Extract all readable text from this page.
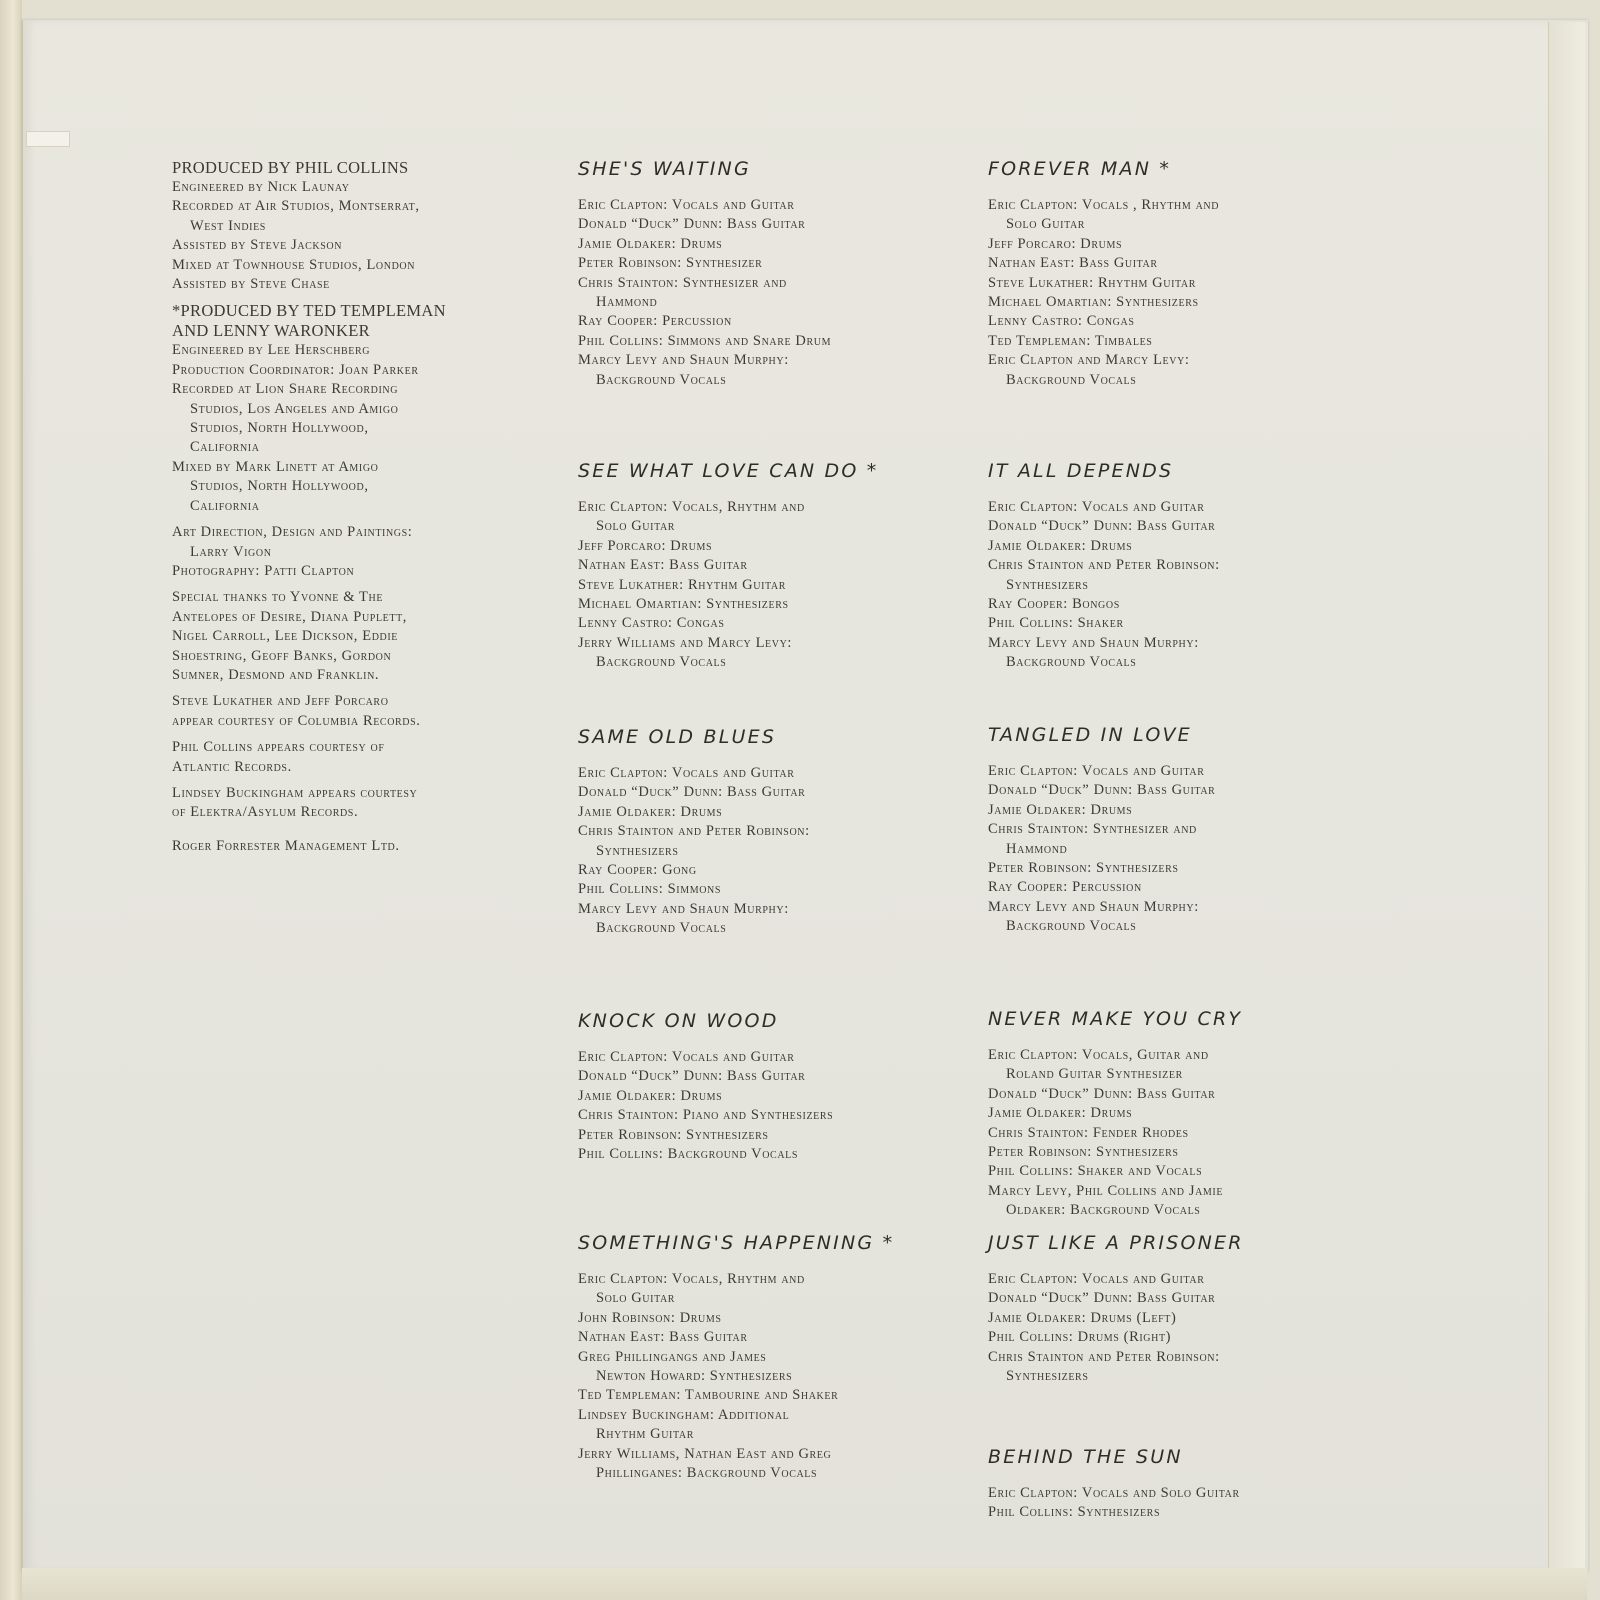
PRODUCED BY PHIL COLLINS
Engineered by Nick Launay
Recorded at Air Studios, Montserrat,
West Indies
Assisted by Steve Jackson
Mixed at Townhouse Studios, London
Assisted by Steve Chase
*PRODUCED BY TED TEMPLEMAN
AND LENNY WARONKER
Engineered by Lee Herschberg
Production Coordinator: Joan Parker
Recorded at Lion Share Recording
Studios, Los Angeles and Amigo
Studios, North Hollywood,
California
Mixed by Mark Linett at Amigo
Studios, North Hollywood,
California
Art Direction, Design and Paintings:
Larry Vigon
Photography: Patti Clapton
Special thanks to Yvonne & The
Antelopes of Desire, Diana Puplett,
Nigel Carroll, Lee Dickson, Eddie
Shoestring, Geoff Banks, Gordon
Sumner, Desmond and Franklin.
Steve Lukather and Jeff Porcaro
appear courtesy of Columbia Records.
Phil Collins appears courtesy of
Atlantic Records.
Lindsey Buckingham appears courtesy
of Elektra/Asylum Records.
Roger Forrester Management Ltd.
SHE'S WAITING
Eric Clapton: Vocals and Guitar
Donald “Duck” Dunn: Bass Guitar
Jamie Oldaker: Drums
Peter Robinson: Synthesizer
Chris Stainton: Synthesizer and
Hammond
Ray Cooper: Percussion
Phil Collins: Simmons and Snare Drum
Marcy Levy and Shaun Murphy:
Background Vocals
SEE WHAT LOVE CAN DO *
Eric Clapton: Vocals, Rhythm and
Solo Guitar
Jeff Porcaro: Drums
Nathan East: Bass Guitar
Steve Lukather: Rhythm Guitar
Michael Omartian: Synthesizers
Lenny Castro: Congas
Jerry Williams and Marcy Levy:
Background Vocals
SAME OLD BLUES
Eric Clapton: Vocals and Guitar
Donald “Duck” Dunn: Bass Guitar
Jamie Oldaker: Drums
Chris Stainton and Peter Robinson:
Synthesizers
Ray Cooper: Gong
Phil Collins: Simmons
Marcy Levy and Shaun Murphy:
Background Vocals
KNOCK ON WOOD
Eric Clapton: Vocals and Guitar
Donald “Duck” Dunn: Bass Guitar
Jamie Oldaker: Drums
Chris Stainton: Piano and Synthesizers
Peter Robinson: Synthesizers
Phil Collins: Background Vocals
SOMETHING'S HAPPENING *
Eric Clapton: Vocals, Rhythm and
Solo Guitar
John Robinson: Drums
Nathan East: Bass Guitar
Greg Phillingangs and James
Newton Howard: Synthesizers
Ted Templeman: Tambourine and Shaker
Lindsey Buckingham: Additional
Rhythm Guitar
Jerry Williams, Nathan East and Greg
Phillinganes: Background Vocals
FOREVER MAN *
Eric Clapton: Vocals , Rhythm and
Solo Guitar
Jeff Porcaro: Drums
Nathan East: Bass Guitar
Steve Lukather: Rhythm Guitar
Michael Omartian: Synthesizers
Lenny Castro: Congas
Ted Templeman: Timbales
Eric Clapton and Marcy Levy:
Background Vocals
IT ALL DEPENDS
Eric Clapton: Vocals and Guitar
Donald “Duck” Dunn: Bass Guitar
Jamie Oldaker: Drums
Chris Stainton and Peter Robinson:
Synthesizers
Ray Cooper: Bongos
Phil Collins: Shaker
Marcy Levy and Shaun Murphy:
Background Vocals
TANGLED IN LOVE
Eric Clapton: Vocals and Guitar
Donald “Duck” Dunn: Bass Guitar
Jamie Oldaker: Drums
Chris Stainton: Synthesizer and
Hammond
Peter Robinson: Synthesizers
Ray Cooper: Percussion
Marcy Levy and Shaun Murphy:
Background Vocals
NEVER MAKE YOU CRY
Eric Clapton: Vocals, Guitar and
Roland Guitar Synthesizer
Donald “Duck” Dunn: Bass Guitar
Jamie Oldaker: Drums
Chris Stainton: Fender Rhodes
Peter Robinson: Synthesizers
Phil Collins: Shaker and Vocals
Marcy Levy, Phil Collins and Jamie
Oldaker: Background Vocals
JUST LIKE A PRISONER
Eric Clapton: Vocals and Guitar
Donald “Duck” Dunn: Bass Guitar
Jamie Oldaker: Drums (Left)
Phil Collins: Drums (Right)
Chris Stainton and Peter Robinson:
Synthesizers
BEHIND THE SUN
Eric Clapton: Vocals and Solo Guitar
Phil Collins: Synthesizers
